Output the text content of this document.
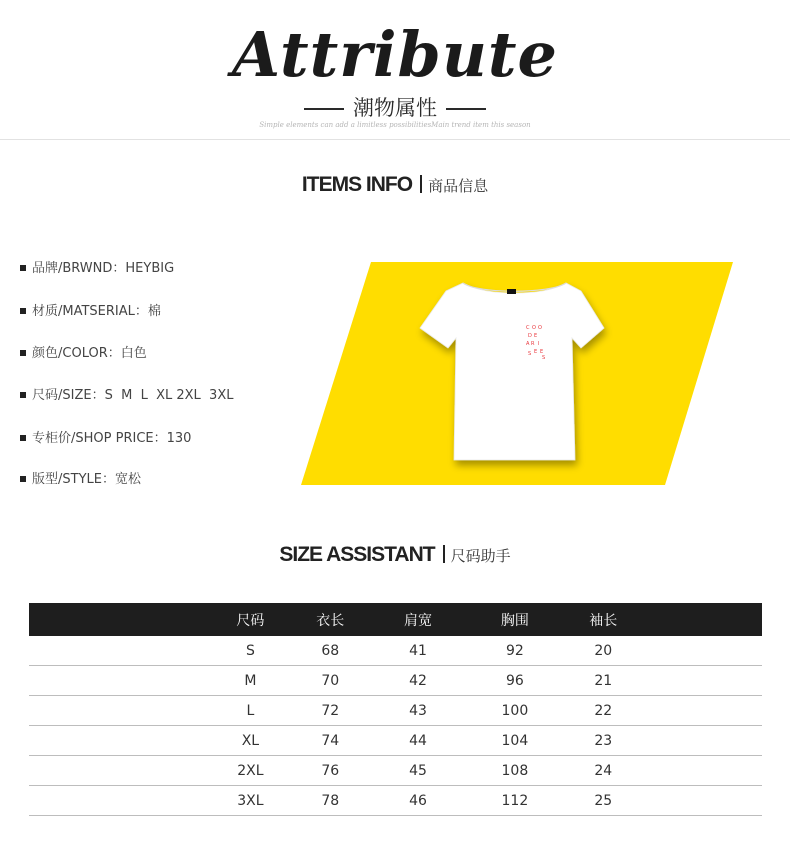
Attribute
潮物属性
Simple elements can add a limitless possibilitiesMain trend item this season
ITEMS INFO 商品信息
品牌/BRWND：HEYBIG
材质/MATSERIAL：棉
颜色/COLOR：白色
尺码/SIZE：S  M  L  XL 2XL  3XL
专柜价/SHOP PRICE：130
版型/STYLE：宽松
C O O
D E
A R I
E E
S
S
SIZE ASSISTANT 尺码助手
		尺码	衣长	肩宽	胸围	袖长	
		S	68	41	92	20	
		M	70	42	96	21	
		L	72	43	100	22	
		XL	74	44	104	23	
		2XL	76	45	108	24	
		3XL	78	46	112	25	
